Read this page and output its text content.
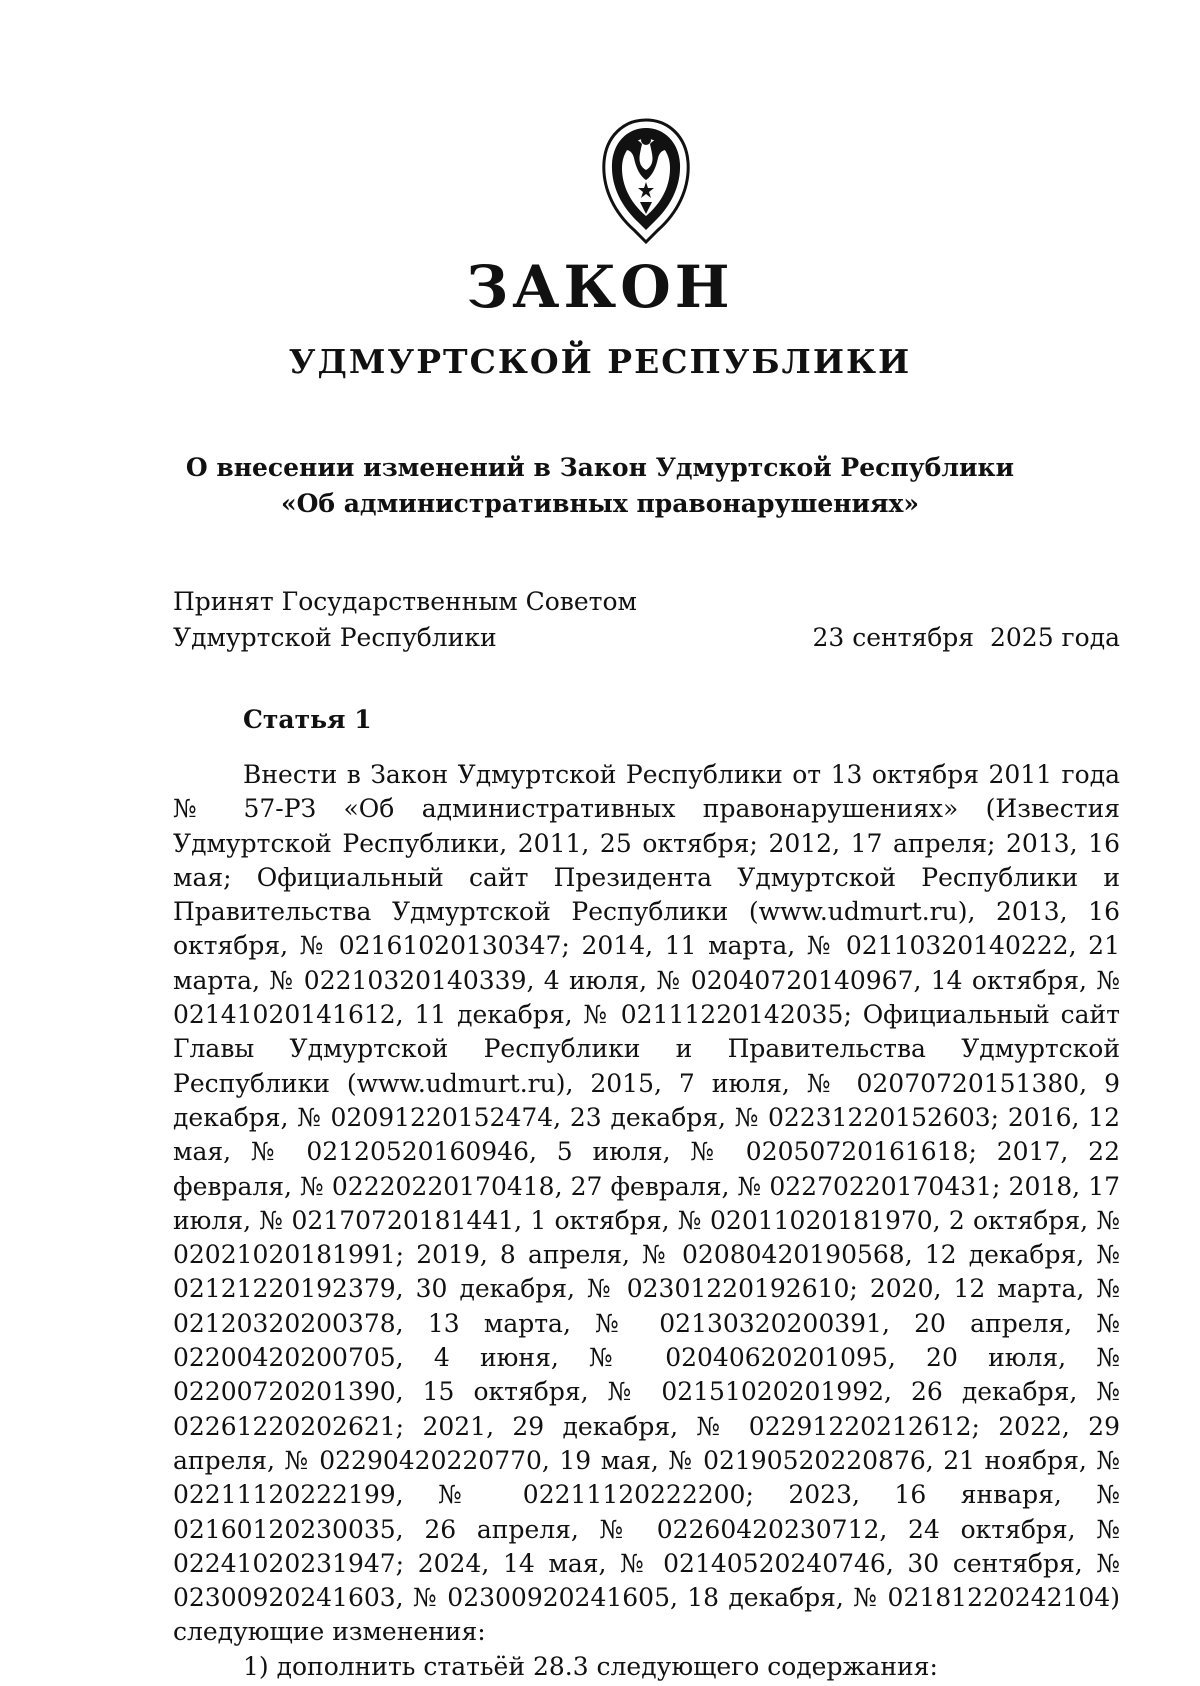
ЗАКОН
УДМУРТСКОЙ РЕСПУБЛИКИ
О внесении изменений в Закон Удмуртской Республики
«Об административных правонарушениях»
Принят Государственным Советом
Удмуртской Республики	23 сентября  2025 года
Статья 1

Внести в Закон Удмуртской Республики от 13 октября 2011 года № 57-РЗ «Об административных правонарушениях» (Известия Удмуртской Республики, 2011, 25 октября; 2012, 17 апреля; 2013, 16 мая; Официальный сайт Президента Удмуртской Республики и Правительства Удмуртской Республики (www.udmurt.ru), 2013, 16 октября, № 02161020130347; 2014, 11 марта, № 02110320140222, 21 марта, № 02210320140339, 4 июля, № 02040720140967, 14 октября, № 02141020141612, 11 декабря, № 02111220142035; Официальный сайт Главы Удмуртской Республики и Правительства Удмуртской Республики (www.udmurt.ru), 2015, 7 июля, № 02070720151380, 9 декабря, № 02091220152474, 23 декабря, № 02231220152603; 2016, 12 мая, № 02120520160946, 5 июля, № 02050720161618; 2017, 22 февраля, № 02220220170418, 27 февраля, № 02270220170431; 2018, 17 июля, № 02170720181441, 1 октября, № 02011020181970, 2 октября, № 02021020181991; 2019, 8 апреля, № 02080420190568, 12 декабря, № 02121220192379, 30 декабря, № 02301220192610; 2020, 12 марта, № 02120320200378, 13 марта, № 02130320200391, 20 апреля, № 02200420200705, 4 июня, № 02040620201095, 20 июля, № 02200720201390, 15 октября, № 02151020201992, 26 декабря, № 02261220202621; 2021, 29 декабря, № 02291220212612; 2022, 29 апреля, № 02290420220770, 19 мая, № 02190520220876, 21 ноября, № 02211120222199, № 02211120222200; 2023, 16 января, № 02160120230035, 26 апреля, № 02260420230712, 24 октября, № 02241020231947; 2024, 14 мая, № 02140520240746, 30 сентября, № 02300920241603, № 02300920241605, 18 декабря, № 02181220242104) следующие изменения:

1) дополнить статьёй 28.3 следующего содержания:
